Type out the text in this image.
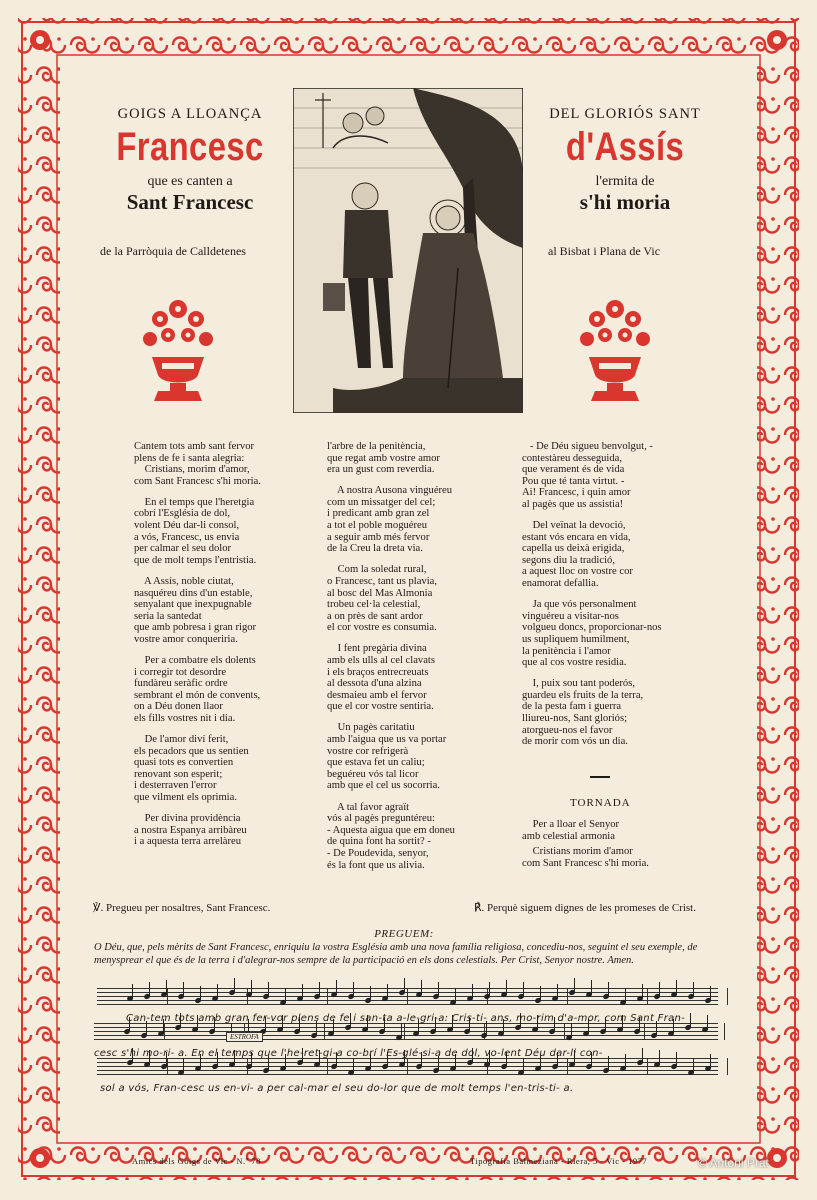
GOIGS A LLOANÇA
Francesc
que es canten a
Sant Francesc
de la Parròquia de Calldetenes
DEL GLORIÓS SANT
d'Assís
l'ermita de
s'hi moria
al Bisbat i Plana de Vic
Cantem tots amb sant fervor
plens de fe i santa alegria:
Cristians, morim d'amor,
com Sant Francesc s'hi moria.
En el temps que l'heretgia
cobrí l'Església de dol,
volent Déu dar-li consol,
a vós, Francesc, us envia
per calmar el seu dolor
que de molt temps l'entristia.
A Assís, noble ciutat,
nasquéreu dins d'un estable,
senyalant que inexpugnable
seria la santedat
que amb pobresa i gran rigor
vostre amor conqueriria.
Per a combatre els dolents
i corregir tot desordre
fundàreu seràfic ordre
sembrant el món de convents,
on a Déu donen llaor
els fills vostres nit i dia.
De l'amor diví ferit,
els pecadors que us sentien
quasi tots es convertien
renovant son esperit;
i desterraven l'error
que vilment els oprimia.
Per divina providència
a nostra Espanya arribàreu
i a aquesta terra arrelàreu
l'arbre de la penitència,
que regat amb vostre amor
era un gust com reverdia.
A nostra Ausona vinguéreu
com un missatger del cel;
i predicant amb gran zel
a tot el poble moguéreu
a seguir amb més fervor
de la Creu la dreta via.
Com la soledat rural,
o Francesc, tant us plavia,
al bosc del Mas Almonia
trobeu cel·la celestial,
a on près de sant ardor
el cor vostre es consumia.
I fent pregària divina
amb els ulls al cel clavats
i els braços entrecreuats
al dessota d'una alzina
desmaieu amb el fervor
que el cor vostre sentiria.
Un pagès caritatiu
amb l'aigua que us va portar
vostre cor refrigerà
que estava fet un caliu;
beguéreu vós tal licor
amb que el cel us socorria.
A tal favor agraït
vós al pagès preguntéreu:
- Aquesta aigua que em doneu
de quina font ha sortit? -
- De Poudevida, senyor,
és la font que us alivia.
- De Déu sigueu benvolgut, -
contestàreu desseguida,
que verament és de vida
Pou que té tanta virtut. -
Ai! Francesc, i quin amor
al pagès que us assistia!
Del veïnat la devoció,
estant vós encara en vida,
capella us deixà erigida,
segons diu la tradició,
a aquest lloc on vostre cor
enamorat defallia.
Ja que vós personalment
vinguéreu a visitar-nos
volgueu doncs, proporcionar-nos
us supliquem humilment,
la penitència i l'amor
que al cos vostre residia.
I, puix sou tant poderós,
guardeu els fruits de la terra,
de la pesta fam i guerra
lliureu-nos, Sant gloriós;
atorgueu-nos el favor
de morir com vós un dia.
TORNADA
Per a lloar el Senyor
amb celestial armonia
Cristians morim d'amor
com Sant Francesc s'hi moria.
℣. Pregueu per nosaltres, Sant Francesc.	℟. Perquè siguem dignes de les promeses de Crist.
PREGUEM:
O Déu, que, pels mèrits de Sant Francesc, enriquiu la vostra Església amb una nova família religiosa, concediu-nos, seguint el seu exemple, de menysprear el que és de la terra i d'alegrar-nos sempre de la participació en els dons celestials. Per Crist, Senyor nostre. Amen.
Can-tem tots amb gran fer-vor plens de fe i san-ta a-le-gri-a: Cris-ti- ans, mo-rim d'a-mor, com Sant Fran-
cesc s'hi mo-ri- a. En el temps que l'he-ret-gi-a co-brí l'Es-glé-si-a de dol, vo-lent Déu dar-li con-
sol a vós, Fran-cesc us en-vi- a per cal-mar el seu do-lor que de molt temps l'en-tris-ti- a.
ESTROFA
Amics dels Goigs de Vic - N.º 78	Tipografia Balmeziana - Riera, 5 - Vic - 1977	© Antoni Prat
